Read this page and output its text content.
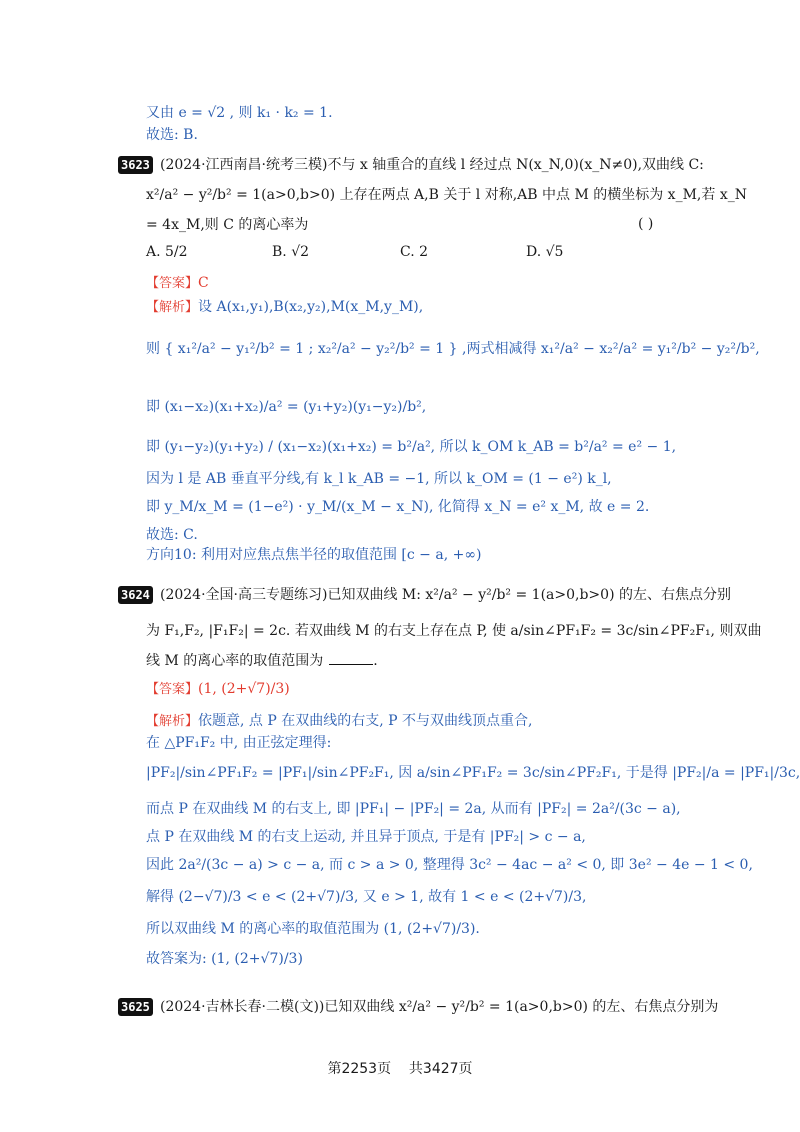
又由 e = √2 , 则 k₁ · k₂ = 1.
故选: B.
3623 (2024·江西南昌·统考三模)不与 x 轴重合的直线 l 经过点 N(x_N,0)(x_N≠0),双曲线 C:
x²/a² − y²/b² = 1(a>0,b>0) 上存在两点 A,B 关于 l 对称,AB 中点 M 的横坐标为 x_M,若 x_N
= 4x_M,则 C 的离心率为	( )
A. 5/2	B. √2	C. 2	D. √5
【答案】C
【解析】设 A(x₁,y₁),B(x₂,y₂),M(x_M,y_M),
则 { x₁²/a² − y₁²/b² = 1 ; x₂²/a² − y₂²/b² = 1 } ,两式相减得 x₁²/a² − x₂²/a² = y₁²/b² − y₂²/b²,
即 (x₁−x₂)(x₁+x₂)/a² = (y₁+y₂)(y₁−y₂)/b²,
即 (y₁−y₂)(y₁+y₂) / (x₁−x₂)(x₁+x₂) = b²/a², 所以 k_OM k_AB = b²/a² = e² − 1,
因为 l 是 AB 垂直平分线,有 k_l k_AB = −1, 所以 k_OM = (1 − e²) k_l,
即 y_M/x_M = (1−e²) · y_M/(x_M − x_N), 化简得 x_N = e² x_M, 故 e = 2.
故选: C.
方向10: 利用对应焦点焦半径的取值范围 [c − a, +∞)
3624 (2024·全国·高三专题练习)已知双曲线 M: x²/a² − y²/b² = 1(a>0,b>0) 的左、右焦点分别
为 F₁,F₂, |F₁F₂| = 2c. 若双曲线 M 的右支上存在点 P, 使 a/sin∠PF₁F₂ = 3c/sin∠PF₂F₁, 则双曲
线 M 的离心率的取值范围为	.
【答案】(1, (2+√7)/3)
【解析】依题意, 点 P 在双曲线的右支, P 不与双曲线顶点重合,
在 △PF₁F₂ 中, 由正弦定理得:
|PF₂|/sin∠PF₁F₂ = |PF₁|/sin∠PF₂F₁, 因 a/sin∠PF₁F₂ = 3c/sin∠PF₂F₁, 于是得 |PF₂|/a = |PF₁|/3c,
而点 P 在双曲线 M 的右支上, 即 |PF₁| − |PF₂| = 2a, 从而有 |PF₂| = 2a²/(3c − a),
点 P 在双曲线 M 的右支上运动, 并且异于顶点, 于是有 |PF₂| > c − a,
因此 2a²/(3c − a) > c − a, 而 c > a > 0, 整理得 3c² − 4ac − a² < 0, 即 3e² − 4e − 1 < 0,
解得 (2−√7)/3 < e < (2+√7)/3, 又 e > 1, 故有 1 < e < (2+√7)/3,
所以双曲线 M 的离心率的取值范围为 (1, (2+√7)/3).
故答案为: (1, (2+√7)/3)
3625 (2024·吉林长春·二模(文))已知双曲线 x²/a² − y²/b² = 1(a>0,b>0) 的左、右焦点分别为
第2253页 共3427页
